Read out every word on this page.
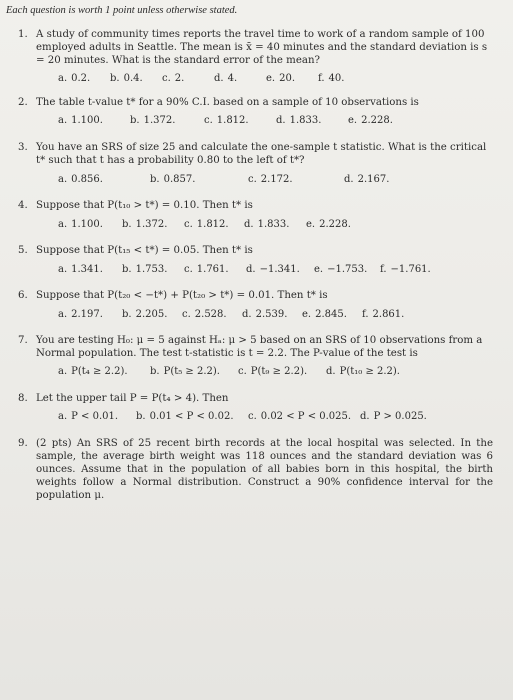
Each question is worth 1 point unless otherwise stated.
1. A study of community times reports the travel time to work of a random sample of 100 employed adults in Seattle. The mean is x̄ = 40 minutes and the standard deviation is s = 20 minutes. What is the standard error of the mean?
a. 0.2.	b. 0.4.	c. 2.	d. 4.	e. 20.	f. 40.
2. The table t-value t* for a 90% C.I. based on a sample of 10 observations is
a. 1.100.	b. 1.372.	c. 1.812.	d. 1.833.	e. 2.228.
3. You have an SRS of size 25 and calculate the one-sample t statistic. What is the critical t* such that t has a probability 0.80 to the left of t*?
a. 0.856.	b. 0.857.	c. 2.172.	d. 2.167.
4. Suppose that P(t₁₀ > t*) = 0.10. Then t* is
a. 1.100.	b. 1.372.	c. 1.812.	d. 1.833.	e. 2.228.
5. Suppose that P(t₁₅ < t*) = 0.05. Then t* is
a. 1.341.	b. 1.753.	c. 1.761.	d. −1.341.	e. −1.753.	f. −1.761.
6. Suppose that P(t₂₀ < −t*) + P(t₂₀ > t*) = 0.01. Then t* is
a. 2.197.	b. 2.205.	c. 2.528.	d. 2.539.	e. 2.845.	f. 2.861.
7. You are testing H₀: μ = 5 against Hₐ: μ > 5 based on an SRS of 10 observations from a Normal population. The test t-statistic is t = 2.2. The P-value of the test is
a. P(t₄ ≥ 2.2).	b. P(t₅ ≥ 2.2).	c. P(t₉ ≥ 2.2).	d. P(t₁₀ ≥ 2.2).
8. Let the upper tail P = P(t₄ > 4). Then
a. P < 0.01.	b. 0.01 < P < 0.02.	c. 0.02 < P < 0.025. d. P > 0.025.
9. (2 pts) An SRS of 25 recent birth records at the local hospital was selected. In the sample, the average birth weight was 118 ounces and the standard deviation was 6 ounces. Assume that in the population of all babies born in this hospital, the birth weights follow a Normal distribution. Construct a 90% confidence interval for the population μ.
